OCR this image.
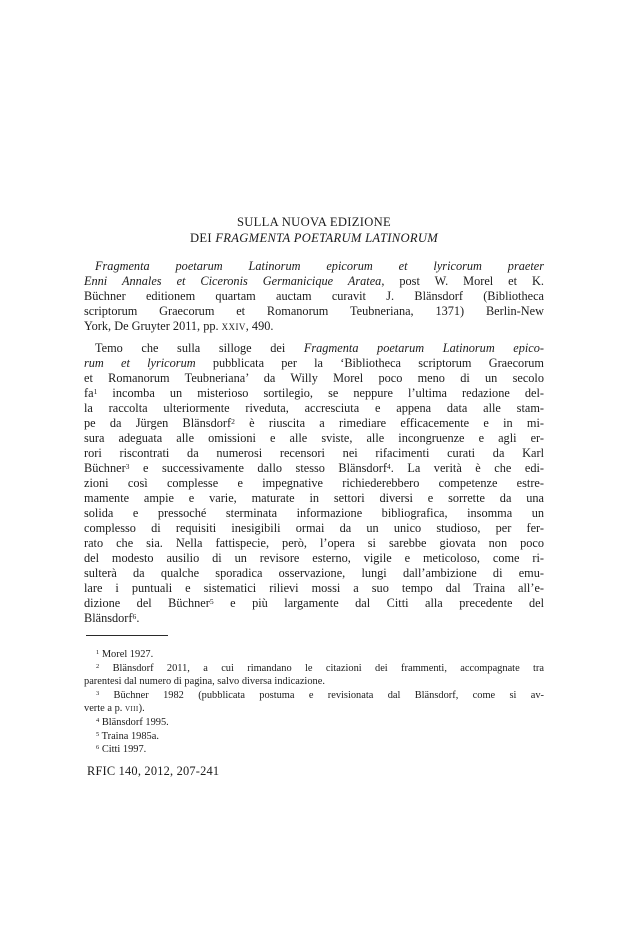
SULLA NUOVA EDIZIONE
DEI FRAGMENTA POETARUM LATINORUM
Fragmenta poetarum Latinorum epicorum et lyricorum praeter
Enni Annales et Ciceronis Germanicique Aratea, post W. Morel et K.
Büchner editionem quartam auctam curavit J. Blänsdorf (Bibliotheca
scriptorum Graecorum et Romanorum Teubneriana, 1371) Berlin-New
York, De Gruyter 2011, pp. xxiv, 490.
Temo che sulla silloge dei Fragmenta poetarum Latinorum epico-
rum et lyricorum pubblicata per la ‘Bibliotheca scriptorum Graecorum
et Romanorum Teubneriana’ da Willy Morel poco meno di un secolo
$fa^1$ incomba un misterioso sortilegio, se neppure l’ultima redazione del-
la raccolta ulteriormente riveduta, accresciuta e appena data alle stam-
pe da Jürgen Blänsdorf$^2$ è riuscita a rimediare efficacemente e in mi-
sura adeguata alle omissioni e alle sviste, alle incongruenze e agli er-
rori riscontrati da numerosi recensori nei rifacimenti curati da Karl
Büchner$^3$ e successivamente dallo stesso Blänsdorf$^4$. La verità è che edi-
zioni così complesse e impegnative richiederebbero competenze estre-
mamente ampie e varie, maturate in settori diversi e sorrette da una
solida e pressoché sterminata informazione bibliografica, insomma un
complesso di requisiti inesigibili ormai da un unico studioso, per fer-
rato che sia. Nella fattispecie, però, l’opera si sarebbe giovata non poco
del modesto ausilio di un revisore esterno, vigile e meticoloso, come ri-
sulterà da qualche sporadica osservazione, lungi dall’ambizione di emu-
lare i puntuali e sistematici rilievi mossi a suo tempo dal Traina all’e-
dizione del Büchner$^5$ e più largamente dal Citti alla precedente del
Blänsdorf$^6$.
$^1$ Morel 1927.
$^2$ Blänsdorf 2011, a cui rimandano le citazioni dei frammenti, accompagnate tra
parentesi dal numero di pagina, salvo diversa indicazione.
$^3$ Büchner 1982 (pubblicata postuma e revisionata dal Blänsdorf, come si av-
verte a p. viii).
$^4$ Blänsdorf 1995.
$^5$ Traina 1985a.
$^6$ Citti 1997.
RFIC 140, 2012, 207-241
